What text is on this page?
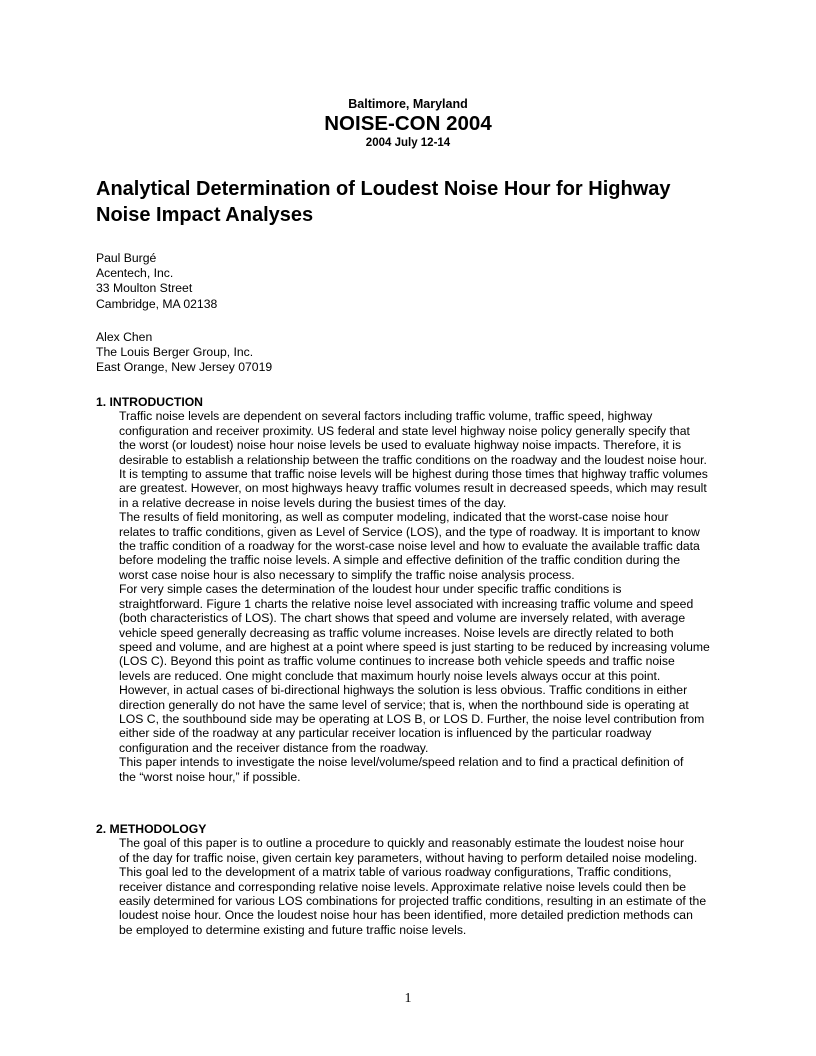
Baltimore, Maryland
NOISE-CON 2004
2004 July 12-14
Analytical Determination of Loudest Noise Hour for Highway
Noise Impact Analyses
Paul Burgé
Acentech, Inc.
33 Moulton Street
Cambridge, MA 02138
Alex Chen
The Louis Berger Group, Inc.
East Orange, New Jersey 07019
1. INTRODUCTION

Traffic noise levels are dependent on several factors including traffic volume, traffic speed, highway
configuration and receiver proximity. US federal and state level highway noise policy generally specify that
the worst (or loudest) noise hour noise levels be used to evaluate highway noise impacts. Therefore, it is
desirable to establish a relationship between the traffic conditions on the roadway and the loudest noise hour.
It is tempting to assume that traffic noise levels will be highest during those times that highway traffic volumes
are greatest. However, on most highways heavy traffic volumes result in decreased speeds, which may result
in a relative decrease in noise levels during the busiest times of the day.

The results of field monitoring, as well as computer modeling, indicated that the worst-case noise hour
relates to traffic conditions, given as Level of Service (LOS), and the type of roadway. It is important to know
the traffic condition of a roadway for the worst-case noise level and how to evaluate the available traffic data
before modeling the traffic noise levels. A simple and effective definition of the traffic condition during the
worst case noise hour is also necessary to simplify the traffic noise analysis process.

For very simple cases the determination of the loudest hour under specific traffic conditions is
straightforward. Figure 1 charts the relative noise level associated with increasing traffic volume and speed
(both characteristics of LOS). The chart shows that speed and volume are inversely related, with average
vehicle speed generally decreasing as traffic volume increases. Noise levels are directly related to both
speed and volume, and are highest at a point where speed is just starting to be reduced by increasing volume
(LOS C). Beyond this point as traffic volume continues to increase both vehicle speeds and traffic noise
levels are reduced. One might conclude that maximum hourly noise levels always occur at this point.
However, in actual cases of bi-directional highways the solution is less obvious. Traffic conditions in either
direction generally do not have the same level of service; that is, when the northbound side is operating at
LOS C, the southbound side may be operating at LOS B, or LOS D. Further, the noise level contribution from
either side of the roadway at any particular receiver location is influenced by the particular roadway
configuration and the receiver distance from the roadway.

This paper intends to investigate the noise level/volume/speed relation and to find a practical definition of
the “worst noise hour,” if possible.

2. METHODOLOGY

The goal of this paper is to outline a procedure to quickly and reasonably estimate the loudest noise hour
of the day for traffic noise, given certain key parameters, without having to perform detailed noise modeling.
This goal led to the development of a matrix table of various roadway configurations, Traffic conditions,
receiver distance and corresponding relative noise levels. Approximate relative noise levels could then be
easily determined for various LOS combinations for projected traffic conditions, resulting in an estimate of the
loudest noise hour. Once the loudest noise hour has been identified, more detailed prediction methods can
be employed to determine existing and future traffic noise levels.

1
